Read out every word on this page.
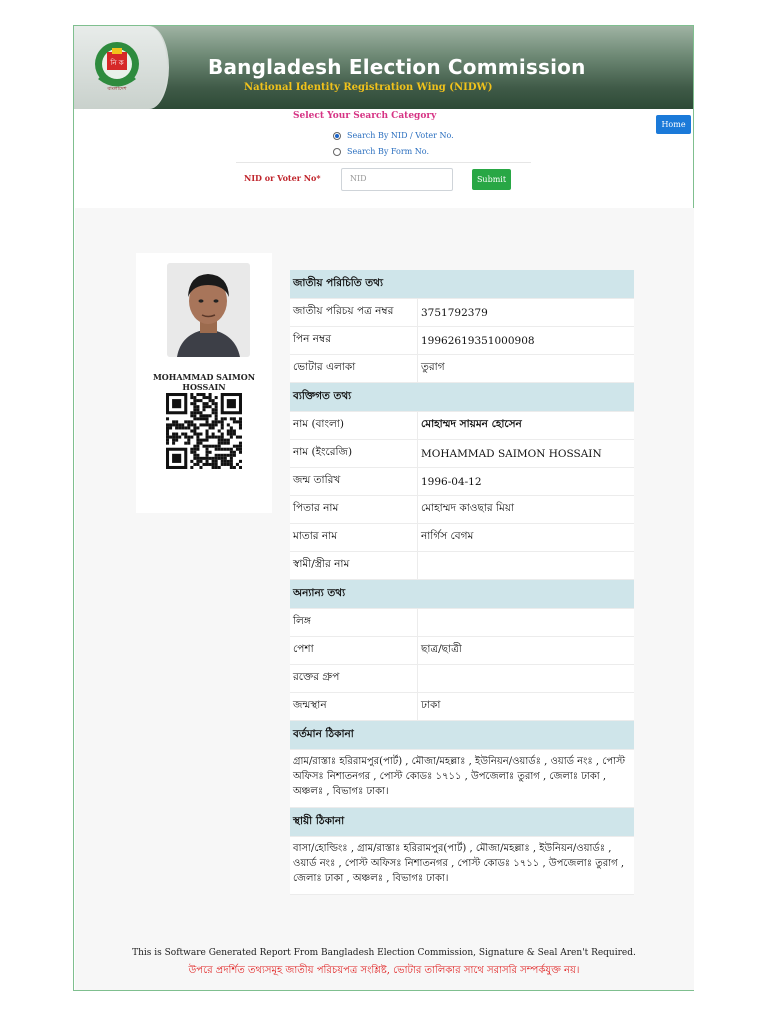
নি ক
বাংলাদেশ
Bangladesh Election Commission
National Identity Registration Wing (NIDW)
Home
Select Your Search Category
Search By NID / Voter No.
Search By Form No.
NID or Voter No*	NID	Submit
MOHAMMAD SAIMON
HOSSAIN
জাতীয় পরিচিতি তথ্য	
জাতীয় পরিচয় পত্র নম্বর	3751792379
পিন নম্বর	19962619351000908
ভোটার এলাকা	তুরাগ
ব্যক্তিগত তথ্য	
নাম (বাংলা)	মোহাম্মদ সায়মন হোসেন
নাম (ইংরেজি)	MOHAMMAD SAIMON HOSSAIN
জন্ম তারিখ	1996-04-12
পিতার নাম	মোহাম্মদ কাওছার মিয়া
মাতার নাম	নার্গিস বেগম
স্বামী/স্ত্রীর নাম	
অন্যান্য তথ্য	
লিঙ্গ	
পেশা	ছাত্র/ছাত্রী
রক্তের গ্রুপ	
জন্মস্থান	ঢাকা
বর্তমান ঠিকানা	
গ্রাম/রাস্তাঃ হরিরামপুর(পার্ট) , মৌজা/মহল্লাঃ , ইউনিয়ন/ওয়ার্ডঃ , ওয়ার্ড নংঃ , পোস্ট অফিসঃ নিশাতনগর , পোস্ট কোডঃ ১৭১১ , উপজেলাঃ তুরাগ , জেলাঃ ঢাকা , অঞ্চলঃ , বিভাগঃ ঢাকা।	
স্থায়ী ঠিকানা	
বাসা/হোল্ডিংঃ , গ্রাম/রাস্তাঃ হরিরামপুর(পার্ট) , মৌজা/মহল্লাঃ , ইউনিয়ন/ওয়ার্ডঃ , ওয়ার্ড নংঃ , পোস্ট অফিসঃ নিশাতনগর , পোস্ট কোডঃ ১৭১১ , উপজেলাঃ তুরাগ , জেলাঃ ঢাকা , অঞ্চলঃ , বিভাগঃ ঢাকা।	
This is Software Generated Report From Bangladesh Election Commission, Signature & Seal Aren't Required.
উপরে প্রদর্শিত তথ্যসমূহ জাতীয় পরিচয়পত্র সংশ্লিষ্ট, ভোটার তালিকার সাথে সরাসরি সম্পর্কযুক্ত নয়।
